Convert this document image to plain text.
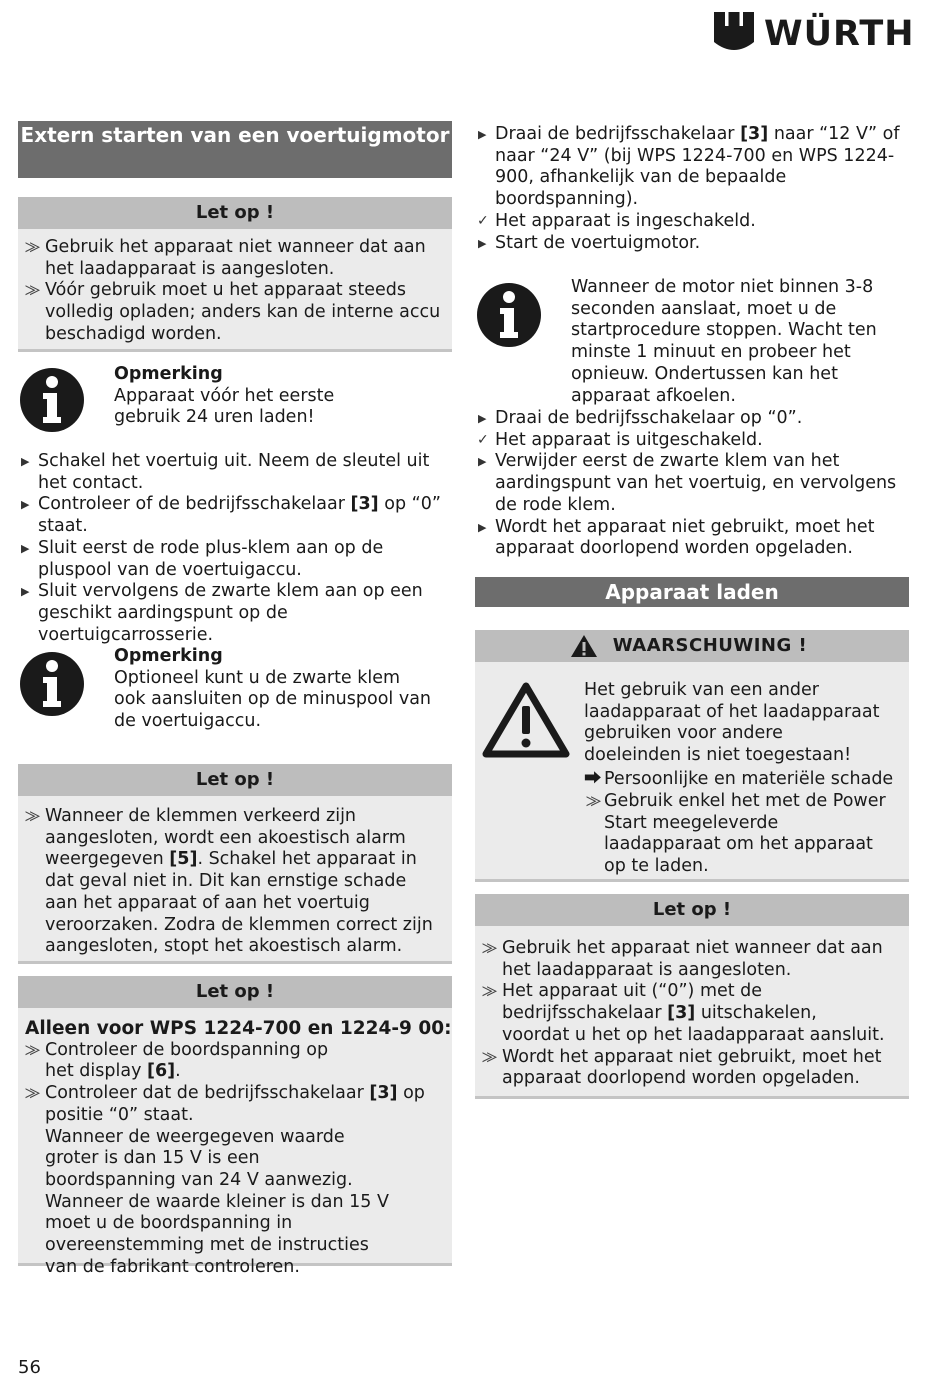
WÜRTH
Extern starten van een voertuigmotor
Let op !
⨠ Gebruik het apparaat niet wanneer dat aan het laadapparaat is aangesloten.
⨠ Vóór gebruik moet u het apparaat steeds volledig opladen; anders kan de interne accu beschadigd worden.
Opmerking
Apparaat vóór het eerste gebruik 24 uren laden!
▶ Schakel het voertuig uit. Neem de sleutel uit het contact.
▶ Controleer of de bedrijfsschakelaar [3] op “0” staat.
▶ Sluit eerst de rode plus-klem aan op de pluspool van de voertuigaccu.
▶ Sluit vervolgens de zwarte klem aan op een geschikt aardingspunt op de voertuigcarrosserie.
Opmerking
Optioneel kunt u de zwarte klem ook aansluiten op de minuspool van de voertuigaccu.
Let op !
⨠ Wanneer de klemmen verkeerd zijn aangesloten, wordt een akoestisch alarm weergegeven [5]. Schakel het apparaat in dat geval niet in. Dit kan ernstige schade aan het apparaat of aan het voertuig veroorzaken. Zodra de klemmen correct zijn aangesloten, stopt het akoestisch alarm.
Let op !
Alleen voor WPS 1224-700 en 1224-9 00:
⨠ Controleer de boordspanning op het display [6].
⨠ Controleer dat de bedrijfsschakelaar [3] op positie “0” staat.
Wanneer de weergegeven waarde groter is dan 15 V is een boordspanning van 24 V aanwezig. Wanneer de waarde kleiner is dan 15 V moet u de boordspanning in overeenstemming met de instructies van de fabrikant controleren.
▶ Draai de bedrijfsschakelaar [3] naar “12 V” of naar “24 V” (bij WPS 1224-700 en WPS 1224-900, afhankelijk van de bepaalde boordspanning).
✓ Het apparaat is ingeschakeld.
▶ Start de voertuigmotor.
Wanneer de motor niet binnen 3-8 seconden aanslaat, moet u de startprocedure stoppen. Wacht ten minste 1 minuut en probeer het opnieuw. Ondertussen kan het apparaat afkoelen.
▶ Draai de bedrijfsschakelaar op “0”.
✓ Het apparaat is uitgeschakeld.
▶ Verwijder eerst de zwarte klem van het aardingspunt van het voertuig, en vervolgens de rode klem.
▶ Wordt het apparaat niet gebruikt, moet het apparaat doorlopend worden opgeladen.
Apparaat laden
WAARSCHUWING !
Het gebruik van een ander laadapparaat of het laadapparaat gebruiken voor andere doeleinden is niet toegestaan!
⮕ Persoonlijke en materiële schade
⨠ Gebruik enkel het met de Power Start meegeleverde laadapparaat om het apparaat op te laden.
Let op !
⨠ Gebruik het apparaat niet wanneer dat aan het laadapparaat is aangesloten.
⨠ Het apparaat uit (“0”) met de bedrijfsschakelaar [3] uitschakelen, voordat u het op het laadapparaat aansluit.
⨠ Wordt het apparaat niet gebruikt, moet het apparaat doorlopend worden opgeladen.
56
